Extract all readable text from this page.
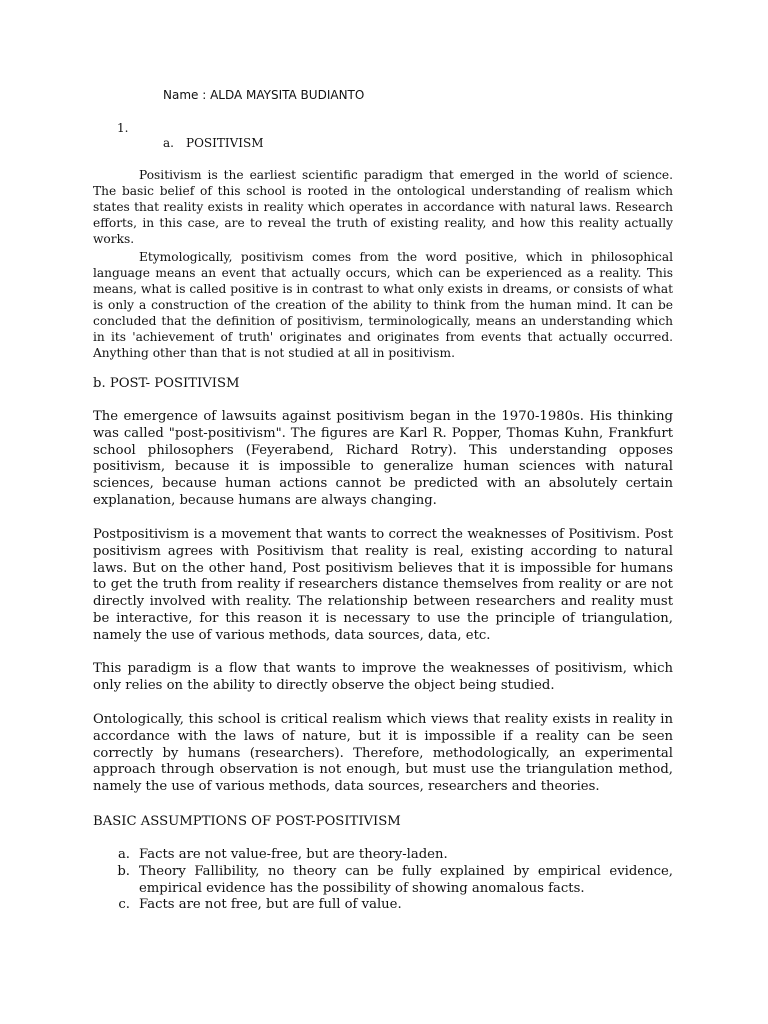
Name : ALDA MAYSITA BUDIANTO
1.
a. POSITIVISM

Positivism is the earliest scientific paradigm that emerged in the world of science. The basic belief of this school is rooted in the ontological understanding of realism which states that reality exists in reality which operates in accordance with natural laws. Research efforts, in this case, are to reveal the truth of existing reality, and how this reality actually works.

Etymologically, positivism comes from the word positive, which in philosophical language means an event that actually occurs, which can be experienced as a reality. This means, what is called positive is in contrast to what only exists in dreams, or consists of what is only a construction of the creation of the ability to think from the human mind. It can be concluded that the definition of positivism, terminologically, means an understanding which in its 'achievement of truth' originates and originates from events that actually occurred. Anything other than that is not studied at all in positivism.

b. POST- POSITIVISM

The emergence of lawsuits against positivism began in the 1970-1980s. His thinking was called "post-positivism". The figures are Karl R. Popper, Thomas Kuhn, Frankfurt school philosophers (Feyerabend, Richard Rotry). This understanding opposes positivism, because it is impossible to generalize human sciences with natural sciences, because human actions cannot be predicted with an absolutely certain explanation, because humans are always changing.

Postpositivism is a movement that wants to correct the weaknesses of Positivism. Post positivism agrees with Positivism that reality is real, existing according to natural laws. But on the other hand, Post positivism believes that it is impossible for humans to get the truth from reality if researchers distance themselves from reality or are not directly involved with reality. The relationship between researchers and reality must be interactive, for this reason it is necessary to use the principle of triangulation, namely the use of various methods, data sources, data, etc.

This paradigm is a flow that wants to improve the weaknesses of positivism, which only relies on the ability to directly observe the object being studied.

Ontologically, this school is critical realism which views that reality exists in reality in accordance with the laws of nature, but it is impossible if a reality can be seen correctly by humans (researchers). Therefore, methodologically, an experimental approach through observation is not enough, but must use the triangulation method, namely the use of various methods, data sources, researchers and theories.

BASIC ASSUMPTIONS OF POST-POSITIVISM
a. Facts are not value-free, but are theory-laden.
b. Theory Fallibility, no theory can be fully explained by empirical evidence, empirical evidence has the possibility of showing anomalous facts.
c. Facts are not free, but are full of value.
